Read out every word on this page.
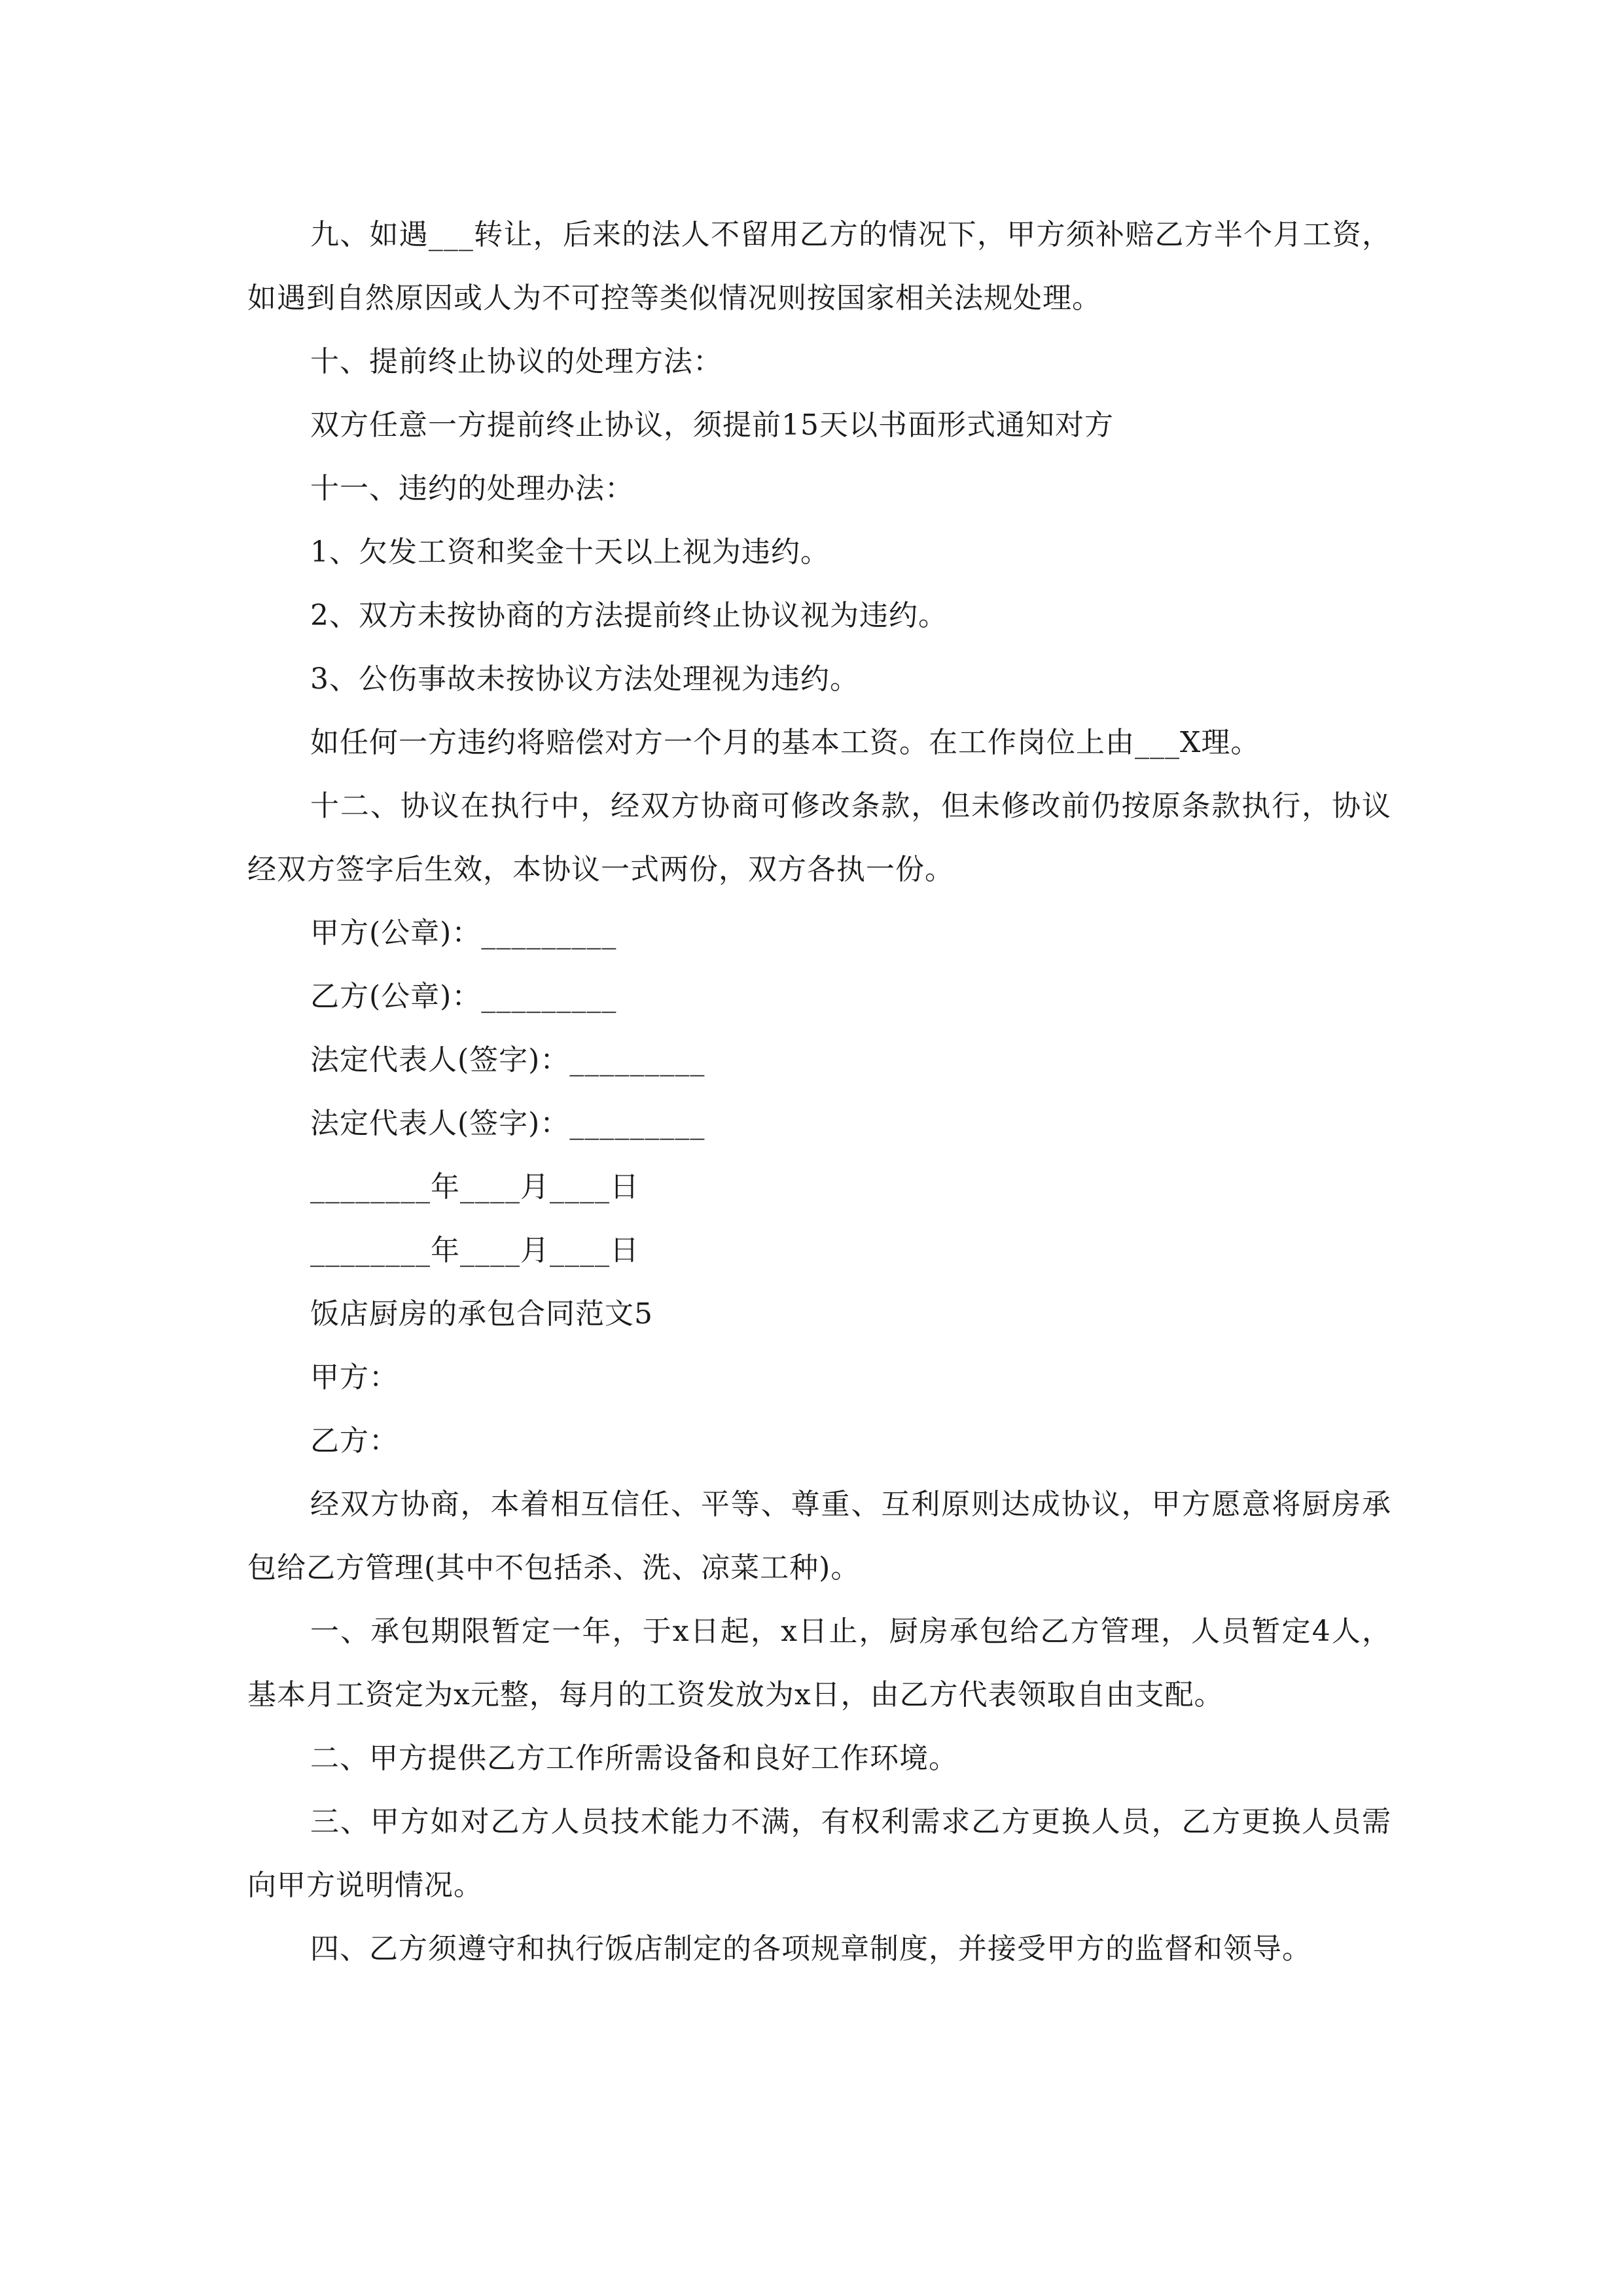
九、如遇___转让，后来的法人不留用乙方的情况下，甲方须补赔乙方半个月工资，如遇到自然原因或人为不可控等类似情况则按国家相关法规处理。

十、提前终止协议的处理方法：

双方任意一方提前终止协议，须提前15天以书面形式通知对方

十一、违约的处理办法：

1、欠发工资和奖金十天以上视为违约。

2、双方未按协商的方法提前终止协议视为违约。

3、公伤事故未按协议方法处理视为违约。

如任何一方违约将赔偿对方一个月的基本工资。在工作岗位上由___X理。

十二、协议在执行中，经双方协商可修改条款，但未修改前仍按原条款执行，协议经双方签字后生效，本协议一式两份，双方各执一份。

甲方(公章)：_________

乙方(公章)：_________

法定代表人(签字)：_________

法定代表人(签字)：_________

________年____月____日

________年____月____日

饭店厨房的承包合同范文5

甲方：

乙方：

经双方协商，本着相互信任、平等、尊重、互利原则达成协议，甲方愿意将厨房承包给乙方管理(其中不包括杀、洗、凉菜工种)。

一、承包期限暂定一年，于x日起，x日止，厨房承包给乙方管理，人员暂定4人，基本月工资定为x元整，每月的工资发放为x日，由乙方代表领取自由支配。

二、甲方提供乙方工作所需设备和良好工作环境。

三、甲方如对乙方人员技术能力不满，有权利需求乙方更换人员，乙方更换人员需向甲方说明情况。

四、乙方须遵守和执行饭店制定的各项规章制度，并接受甲方的监督和领导。
